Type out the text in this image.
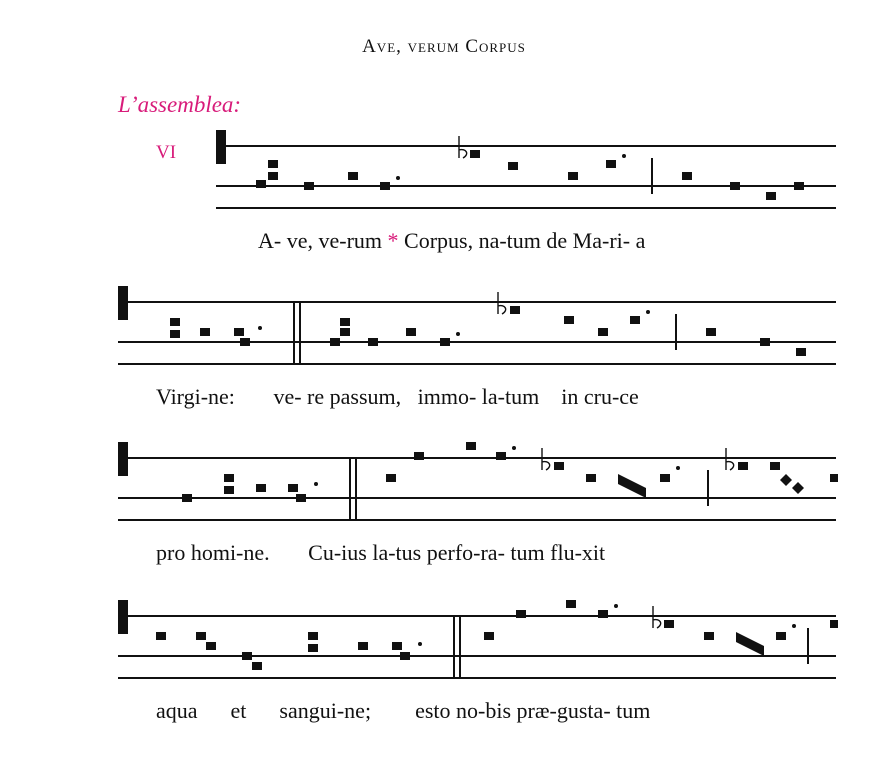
Ave, verum Corpus
L’assemblea:
VI
A- ve, ve-rum * Corpus, na-tum de Ma-ri- a
Virgi-ne: ve- re passum, immo- la-tum in cru-ce
pro homi-ne. Cu-ius la-tus perfo-ra- tum flu-xit
aqua et sangui-ne; esto no-bis præ-gusta- tum
